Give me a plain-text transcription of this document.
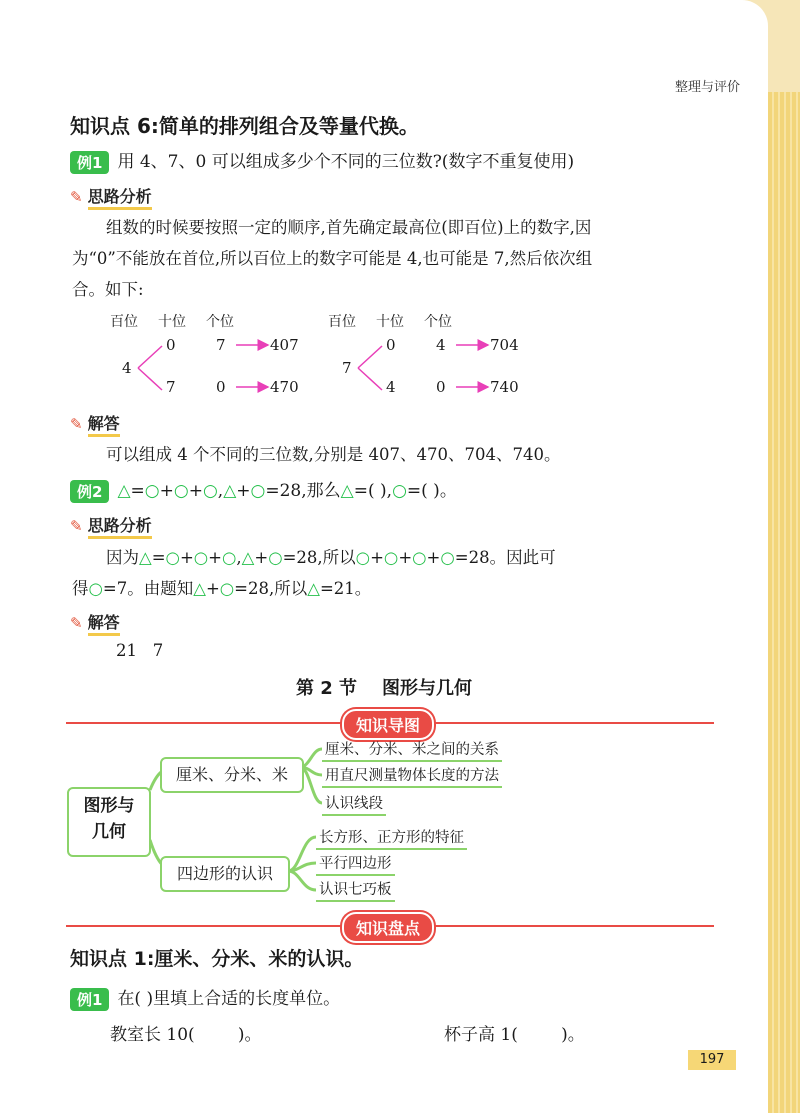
整理与评价
知识点 6:简单的排列组合及等量代换。
例1 用 4、7、0 可以组成多少个不同的三位数?(数字不重复使用)
✎ 思路分析
组数的时候要按照一定的顺序,首先确定最高位(即百位)上的数字,因
为“0”不能放在首位,所以百位上的数字可能是 4,也可能是 7,然后依次组
合。如下:
百位 十位 个位	百位 十位 个位
4
0	7	407
7	0	470
7
0	4	704
4	0	740
✎ 解答
可以组成 4 个不同的三位数,分别是 407、470、704、740。
例2 △=○+○+○,△+○=28,那么△=( ),○=( )。
✎ 思路分析
因为△=○+○+○,△+○=28,所以○+○+○+○=28。因此可
得○=7。由题知△+○=28,所以△=21。
✎ 解答
21   7
第 2 节    图形与几何
知识导图
图形与
几何
厘米、分米、米
四边形的认识
厘米、分米、米之间的关系
用直尺测量物体长度的方法
认识线段
长方形、正方形的特征
平行四边形
认识七巧板
知识盘点
知识点 1:厘米、分米、米的认识。
例1 在( )里填上合适的长度单位。
教室长 10(        )。	杯子高 1(        )。
197
